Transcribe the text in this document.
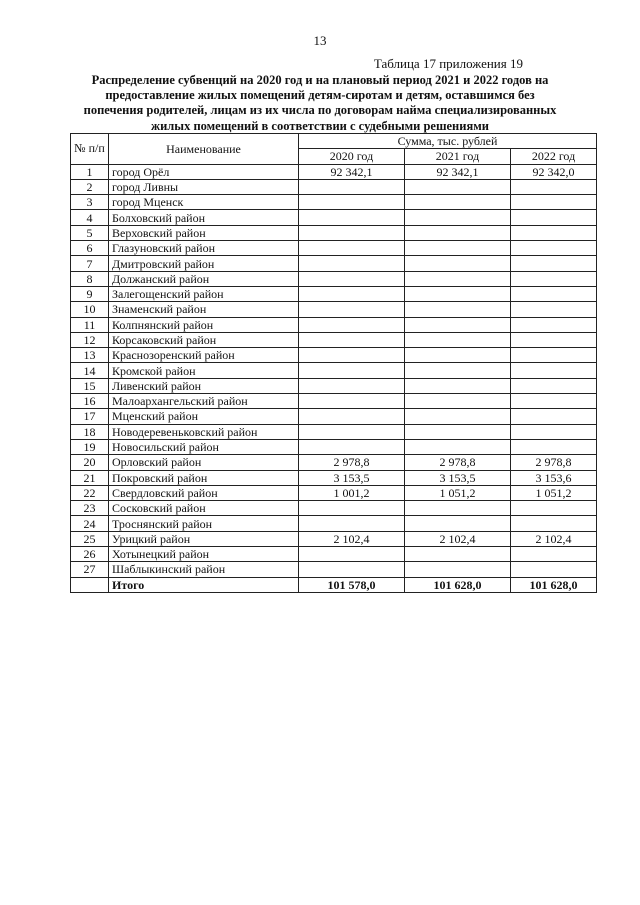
13
Таблица 17 приложения 19
Распределение субвенций на 2020 год и на плановый период 2021 и 2022 годов на предоставление жилых помещений детям-сиротам и детям, оставшимся без попечения родителей, лицам из их числа по договорам найма специализированных жилых помещений в соответствии с судебными решениями
№ п/п	Наименование	Сумма, тыс. рублей		
		2020 год	2021 год	2022 год
1	город Орёл	92 342,1	92 342,1	92 342,0
2	город Ливны			
3	город Мценск			
4	Болховский район			
5	Верховский район			
6	Глазуновский район			
7	Дмитровский район			
8	Должанский район			
9	Залегощенский район			
10	Знаменский район			
11	Колпнянский район			
12	Корсаковский район			
13	Краснозоренский район			
14	Кромской район			
15	Ливенский район			
16	Малоархангельский район			
17	Мценский район			
18	Новодеревеньковский район			
19	Новосильский район			
20	Орловский район	2 978,8	2 978,8	2 978,8
21	Покровский район	3 153,5	3 153,5	3 153,6
22	Свердловский район	1 001,2	1 051,2	1 051,2
23	Сосковский район			
24	Троснянский район			
25	Урицкий район	2 102,4	2 102,4	2 102,4
26	Хотынецкий район			
27	Шаблыкинский район			
	Итого	101 578,0	101 628,0	101 628,0
